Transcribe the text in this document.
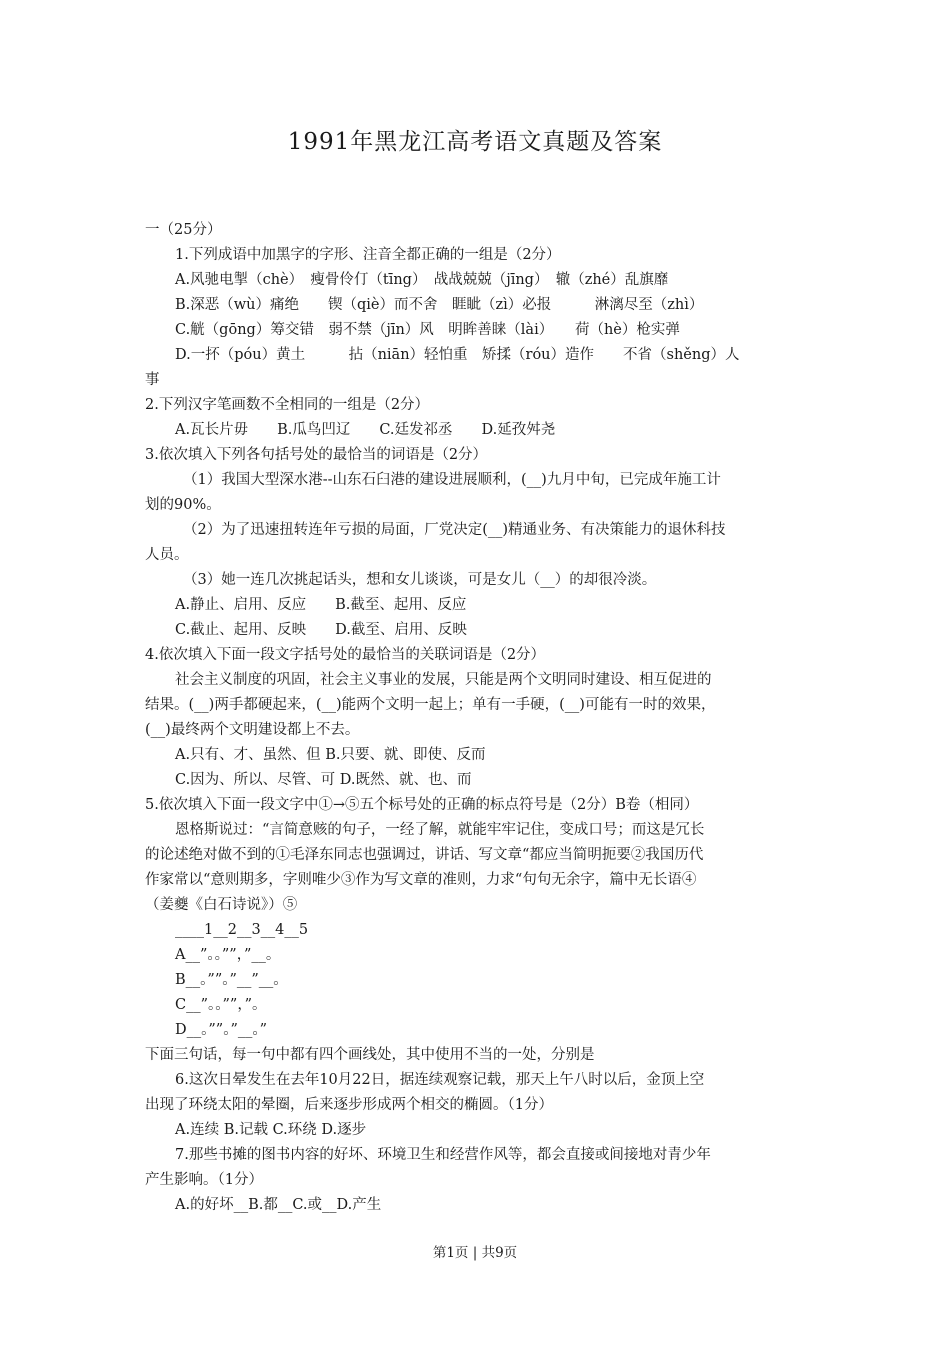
1991年黑龙江高考语文真题及答案
一（25分）
1.下列成语中加黑字的字形、注音全都正确的一组是（2分）
A.风驰电掣（chè）　瘦骨伶仃（tīng）　战战兢兢（jīng）　辙（zhé）乱旗靡
B.深恶（wù）痛绝　　锲（qiè）而不舍　睚眦（zì）必报　　　淋漓尽至（zhì）
C.觥（gōng）筹交错　弱不禁（jīn）风　明眸善睐（lài）　　荷（hè）枪实弹
D.一抔（póu）黄土　　　拈（niān）轻怕重　矫揉（róu）造作　　不省（shěng）人
事
2.下列汉字笔画数不全相同的一组是（2分）
A.瓦长片毋　　B.瓜鸟凹辽　　C.廷发祁丞　　D.延孜舛尧
3.依次填入下列各句括号处的最恰当的词语是（2分）
（1）我国大型深水港--山东石臼港的建设进展顺利，(__)九月中旬，已完成年施工计
划的90%。
（2）为了迅速扭转连年亏损的局面，厂党决定(__)精通业务、有决策能力的退休科技
人员。
（3）她一连几次挑起话头，想和女儿谈谈，可是女儿（__）的却很冷淡。
A.静止、启用、反应　　B.截至、起用、反应
C.截止、起用、反映　　D.截至、启用、反映
4.依次填入下面一段文字括号处的最恰当的关联词语是（2分）
社会主义制度的巩固，社会主义事业的发展，只能是两个文明同时建设、相互促进的
结果。(__)两手都硬起来，(__)能两个文明一起上；单有一手硬，(__)可能有一时的效果，
(__)最终两个文明建设都上不去。
A.只有、才、虽然、但 B.只要、就、即使、反而
C.因为、所以、尽管、可 D.既然、就、也、而
5.依次填入下面一段文字中①→⑤五个标号处的正确的标点符号是（2分）B卷（相同）
恩格斯说过：“言简意赅的句子，一经了解，就能牢牢记住，变成口号；而这是冗长
的论述绝对做不到的①毛泽东同志也强调过，讲话、写文章“都应当简明扼要②我国历代
作家常以“意则期多，字则唯少③作为写文章的准则，力求“句句无余字，篇中无长语④
（姜夔《白石诗说》）⑤
____1__2__3__4__5
A__”。。””，”__。
B__。””。”__”__。
C__”。。””，”。
D__。””。”__。”
下面三句话，每一句中都有四个画线处，其中使用不当的一处，分别是
6.这次日晕发生在去年10月22日，据连续观察记载，那天上午八时以后，金顶上空
出现了环绕太阳的晕圈，后来逐步形成两个相交的椭圆。（1分）
A.连续 B.记载 C.环绕 D.逐步
7.那些书摊的图书内容的好坏、环境卫生和经营作风等，都会直接或间接地对青少年
产生影响。（1分）
A.的好坏__B.都__C.或__D.产生
第1页 | 共9页
